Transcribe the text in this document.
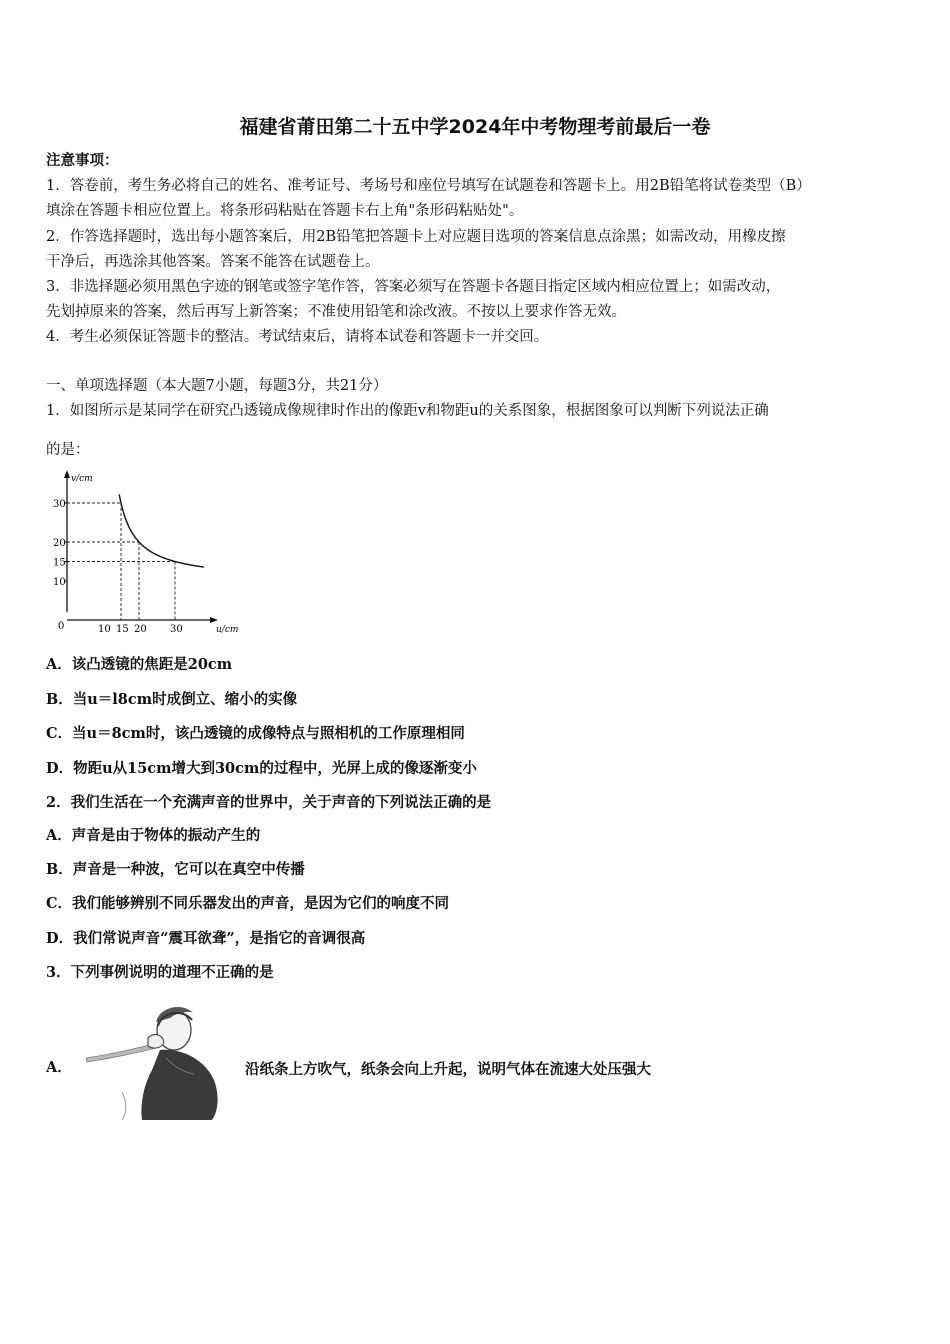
福建省莆田第二十五中学2024年中考物理考前最后一卷
注意事项：
1．答卷前，考生务必将自己的姓名、准考证号、考场号和座位号填写在试题卷和答题卡上。用2B铅笔将试卷类型（B）
填涂在答题卡相应位置上。将条形码粘贴在答题卡右上角"条形码粘贴处"。
2．作答选择题时，选出每小题答案后，用2B铅笔把答题卡上对应题目选项的答案信息点涂黑；如需改动，用橡皮擦
干净后，再选涂其他答案。答案不能答在试题卷上。
3．非选择题必须用黑色字迹的钢笔或签字笔作答，答案必须写在答题卡各题目指定区域内相应位置上；如需改动，
先划掉原来的答案，然后再写上新答案；不准使用铅笔和涂改液。不按以上要求作答无效。
4．考生必须保证答题卡的整洁。考试结束后，请将本试卷和答题卡一并交回。
一、单项选择题（本大题7小题，每题3分，共21分）
1．如图所示是某同学在研究凸透镜成像规律时作出的像距v和物距u的关系图象，根据图象可以判断下列说法正确
的是：
v/cm
u/cm
0	10 15 20 30
10
15
20
30
A．该凸透镜的焦距是20cm
B．当u＝l8cm时成倒立、缩小的实像
C．当u＝8cm时，该凸透镜的成像特点与照相机的工作原理相同
D．物距u从15cm增大到30cm的过程中，光屏上成的像逐渐变小
2．我们生活在一个充满声音的世界中，关于声音的下列说法正确的是
A．声音是由于物体的振动产生的
B．声音是一种波，它可以在真空中传播
C．我们能够辨别不同乐器发出的声音，是因为它们的响度不同
D．我们常说声音“震耳欲聋”，是指它的音调很高
3．下列事例说明的道理不正确的是
A．	沿纸条上方吹气，纸条会向上升起，说明气体在流速大处压强大
